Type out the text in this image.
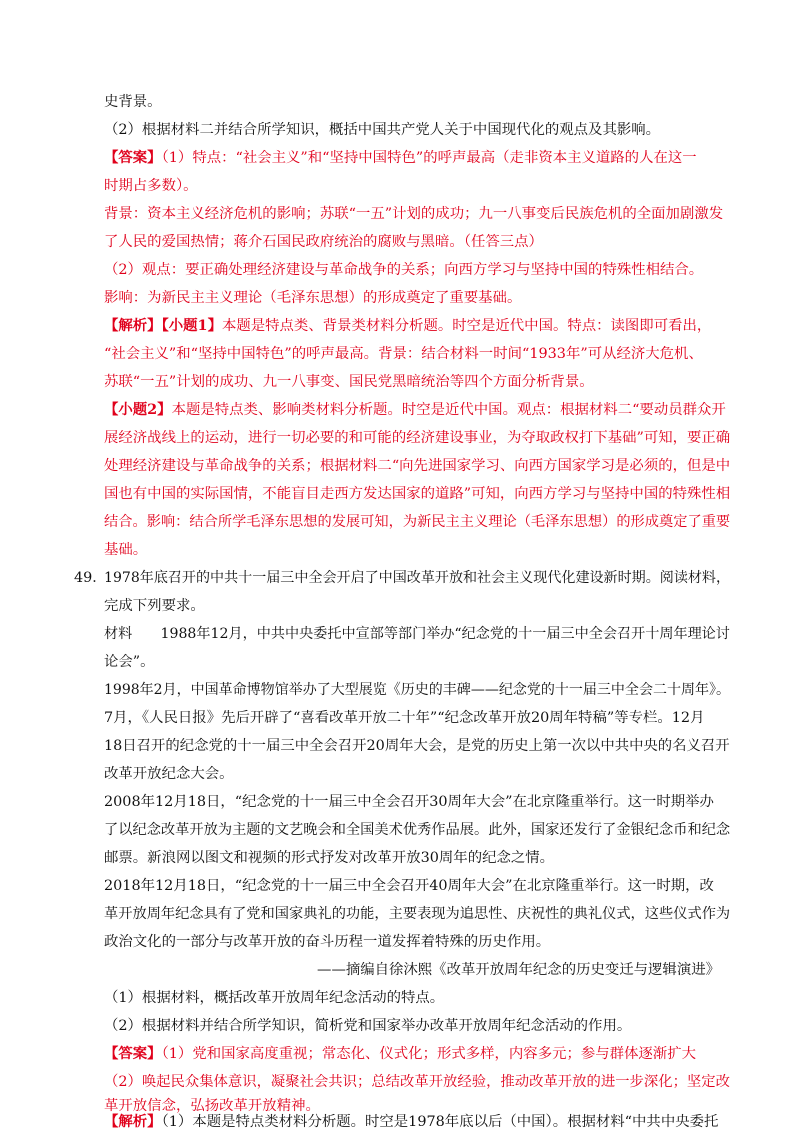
史背景。
（2）根据材料二并结合所学知识，概括中国共产党人关于中国现代化的观点及其影响。
【答案】（1）特点：“社会主义”和“坚持中国特色”的呼声最高（走非资本主义道路的人在这一
时期占多数）。
背景：资本主义经济危机的影响；苏联“一五”计划的成功；九一八事变后民族危机的全面加剧激发
了人民的爱国热情；蒋介石国民政府统治的腐败与黑暗。（任答三点）
（2）观点：要正确处理经济建设与革命战争的关系；向西方学习与坚持中国的特殊性相结合。
影响：为新民主主义理论（毛泽东思想）的形成奠定了重要基础。
【解析】【小题1】本题是特点类、背景类材料分析题。时空是近代中国。特点：读图即可看出，
“社会主义”和“坚持中国特色”的呼声最高。背景：结合材料一时间“1933年”可从经济大危机、
苏联“一五”计划的成功、九一八事变、国民党黑暗统治等四个方面分析背景。
【小题2】本题是特点类、影响类材料分析题。时空是近代中国。观点：根据材料二“要动员群众开
展经济战线上的运动，进行一切必要的和可能的经济建设事业，为夺取政权打下基础”可知，要正确
处理经济建设与革命战争的关系；根据材料二“向先进国家学习、向西方国家学习是必须的，但是中
国也有中国的实际国情，不能盲目走西方发达国家的道路”可知，向西方学习与坚持中国的特殊性相
结合。影响：结合所学毛泽东思想的发展可知，为新民主主义理论（毛泽东思想）的形成奠定了重要
基础。
49．
1978年底召开的中共十一届三中全会开启了中国改革开放和社会主义现代化建设新时期。阅读材料，
完成下列要求。
材料　　1988年12月，中共中央委托中宣部等部门举办“纪念党的十一届三中全会召开十周年理论讨
论会”。
1998年2月，中国革命博物馆举办了大型展览《历史的丰碑——纪念党的十一届三中全会二十周年》。
7月，《人民日报》先后开辟了“喜看改革开放二十年”“纪念改革开放20周年特稿”等专栏。12月
18日召开的纪念党的十一届三中全会召开20周年大会，是党的历史上第一次以中共中央的名义召开
改革开放纪念大会。
2008年12月18日，“纪念党的十一届三中全会召开30周年大会”在北京隆重举行。这一时期举办
了以纪念改革开放为主题的文艺晚会和全国美术优秀作品展。此外，国家还发行了金银纪念币和纪念
邮票。新浪网以图文和视频的形式抒发对改革开放30周年的纪念之情。
2018年12月18日，“纪念党的十一届三中全会召开40周年大会”在北京隆重举行。这一时期，改
革开放周年纪念具有了党和国家典礼的功能，主要表现为追思性、庆祝性的典礼仪式，这些仪式作为
政治文化的一部分与改革开放的奋斗历程一道发挥着特殊的历史作用。
——摘编自徐沐熙《改革开放周年纪念的历史变迁与逻辑演进》
（1）根据材料，概括改革开放周年纪念活动的特点。
（2）根据材料并结合所学知识，简析党和国家举办改革开放周年纪念活动的作用。
【答案】（1）党和国家高度重视；常态化、仪式化；形式多样，内容多元；参与群体逐渐扩大
（2）唤起民众集体意识，凝聚社会共识；总结改革开放经验，推动改革开放的进一步深化；坚定改
革开放信念，弘扬改革开放精神。
【解析】（1）本题是特点类材料分析题。时空是1978年底以后（中国）。根据材料“中共中央委托
